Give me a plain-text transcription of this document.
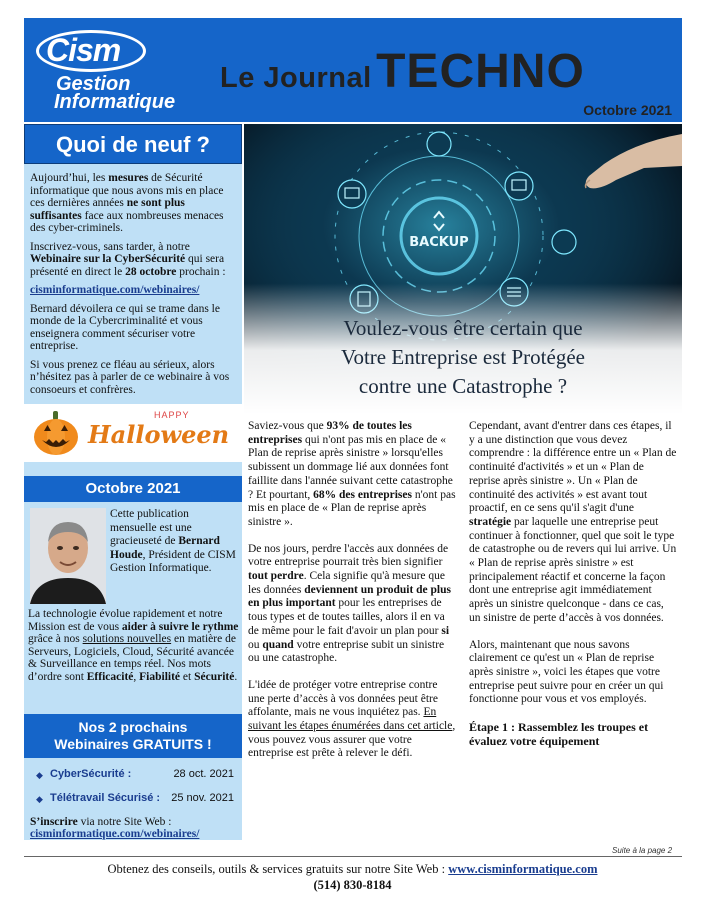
Cism
Gestion
Informatique
Le Journal TECHNO
Octobre 2021
Quoi de neuf ?

Aujourd’hui, les mesures de Sécurité informatique que nous avons mis en place ces dernières années ne sont plus suffisantes face aux nombreuses menaces des cyber-criminels.

Inscrivez-vous, sans tarder, à notre Webinaire sur la CyberSécurité qui sera présenté en direct le 28 octobre prochain :

cisminformatique.com/webinaires/

Bernard dévoilera ce qui se trame dans le monde de la Cybercriminalité et vous enseignera comment sécuriser votre entreprise.

Si vous prenez ce fléau au sérieux, alors n’hésitez pas à parler de ce webinaire à vos consoeurs et confrères.

HAPPY
Halloween
Octobre 2021
Cette publication mensuelle est une gracieuseté de Bernard Houde, Président de CISM Gestion Informatique.
La technologie évolue rapidement et notre Mission est de vous aider à suivre le rythme grâce à nos solutions nouvelles en matière de Serveurs, Logiciels, Cloud, Sécurité avancée & Surveillance en temps réel. Nos mots d’ordre sont Efficacité, Fiabilité et Sécurité.
Nos 2 prochains
Webinaires GRATUITS !
◆ CyberSécurité :	28 oct. 2021
◆ Télétravail Sécurisé : 25 nov. 2021
S’inscrire via notre Site Web :
cisminformatique.com/webinaires/
Voulez-vous être certain que
Votre Entreprise est Protégée
contre une Catastrophe ?

Saviez-vous que 93% de toutes les entreprises qui n'ont pas mis en place de « Plan de reprise après sinistre » lorsqu'elles subissent un dommage lié aux données font faillite dans l'année suivant cette catastrophe ? Et pourtant, 68% des entreprises n'ont pas mis en place de « Plan de reprise après sinistre ».

De nos jours, perdre l'accès aux données de votre entreprise pourrait très bien signifier tout perdre. Cela signifie qu'à mesure que les données deviennent un produit de plus en plus important pour les entreprises de tous types et de toutes tailles, alors il en va de même pour le fait d'avoir un plan pour si ou quand votre entreprise subit un sinistre ou une catastrophe.

L'idée de protéger votre entreprise contre une perte d’accès à vos données peut être affolante, mais ne vous inquiétez pas. En suivant les étapes énumérées dans cet article, vous pouvez vous assurer que votre entreprise est prête à relever le défi.

Cependant, avant d'entrer dans ces étapes, il y a une distinction que vous devez comprendre : la différence entre un « Plan de continuité d'activités » et un « Plan de reprise après sinistre ». Un « Plan de continuité des activités » est avant tout proactif, en ce sens qu'il s'agit d'une stratégie par laquelle une entreprise peut continuer à fonctionner, quel que soit le type de catastrophe ou de revers qui lui arrive. Un « Plan de reprise après sinistre » est principalement réactif et concerne la façon dont une entreprise agit immédiatement après un sinistre quelconque - dans ce cas, un sinistre de perte d’accès à vos données.

Alors, maintenant que nous savons clairement ce qu'est un « Plan de reprise après sinistre », voici les étapes que votre entreprise peut suivre pour en créer un qui fonctionne pour vous et vos employés.

Étape 1 : Rassemblez les troupes et évaluez votre équipement

Suite à la page 2
Obtenez des conseils, outils & services gratuits sur notre Site Web : www.cisminformatique.com
(514) 830-8184
